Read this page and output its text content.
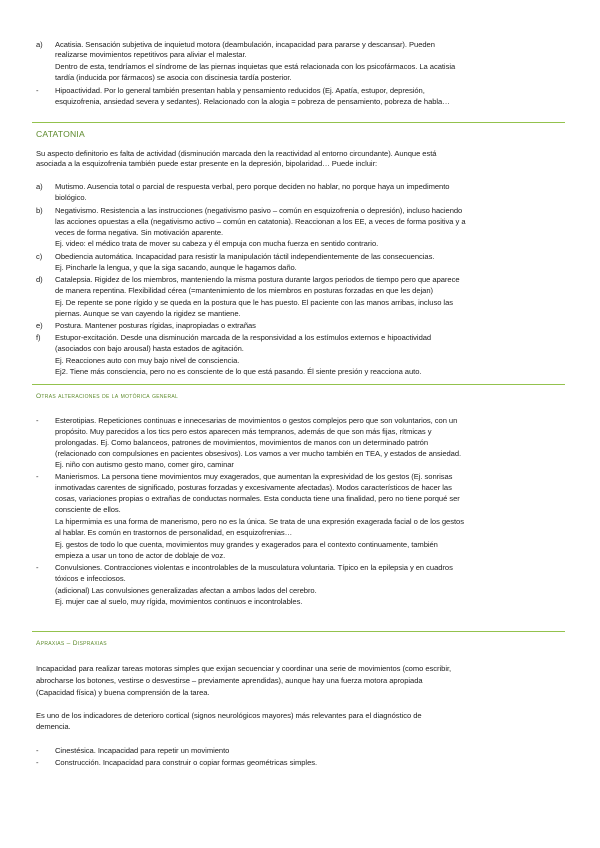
CATATONIA
Otras alteraciones de la motórica general
Apraxias – Dispraxias
a) Acatisia. Sensación subjetiva de inquietud motora (deambulación, incapacidad para pararse y descansar). Pueden
realizarse movimientos repetitivos para aliviar el malestar.
Dentro de esta, tendríamos el síndrome de las piernas inquietas que está relacionada con los psicofármacos. La acatisia
tardía (inducida por fármacos) se asocia con discinesia tardía posterior.
- Hipoactividad. Por lo general también presentan habla y pensamiento reducidos (Ej. Apatía, estupor, depresión,
esquizofrenia, ansiedad severa y sedantes). Relacionado con la alogia = pobreza de pensamiento, pobreza de habla…
Su aspecto definitorio es falta de actividad (disminución marcada den la reactividad al entorno circundante). Aunque está
asociada a la esquizofrenia también puede estar presente en la depresión, bipolaridad… Puede incluir:
a) Mutismo. Ausencia total o parcial de respuesta verbal, pero porque deciden no hablar, no porque haya un impedimento
biológico.
b) Negativismo. Resistencia a las instrucciones (negativismo pasivo – común en esquizofrenia o depresión), incluso haciendo
las acciones opuestas a ella (negativismo activo – común en catatonia). Reaccionan a los EE, a veces de forma positiva y a
veces de forma negativa. Sin motivación aparente.
Ej. video: el médico trata de mover su cabeza y él empuja con mucha fuerza en sentido contrario.
c) Obediencia automática. Incapacidad para resistir la manipulación táctil independientemente de las consecuencias.
Ej. Pincharle la lengua, y que la siga sacando, aunque le hagamos daño.
d) Catalepsia. Rigidez de los miembros, manteniendo la misma postura durante largos periodos de tiempo pero que aparece
de manera repentina. Flexibilidad cérea (=mantenimiento de los miembros en posturas forzadas en que les dejan)
Ej. De repente se pone rígido y se queda en la postura que le has puesto. El paciente con las manos arribas, incluso las
piernas. Aunque se van cayendo la rigidez se mantiene.
e) Postura. Mantener posturas rígidas, inapropiadas o extrañas
f) Estupor-excitación. Desde una disminución marcada de la responsividad a los estímulos externos e hipoactividad
(asociados con bajo arousal) hasta estados de agitación.
Ej. Reacciones auto con muy bajo nivel de consciencia.
Ej2. Tiene más consciencia, pero no es consciente de lo que está pasando. Él siente presión y reacciona auto.
- Esterotipias. Repeticiones continuas e innecesarias de movimientos o gestos complejos pero que son voluntarios, con un
propósito. Muy parecidos a los tics pero estos aparecen más tempranos, además de que son más fijas, rítmicas y
prolongadas. Ej. Como balanceos, patrones de movimientos, movimientos de manos con un determinado patrón
(relacionado con compulsiones en pacientes obsesivos). Los vamos a ver mucho también en TEA, y estados de ansiedad.
Ej. niño con autismo gesto mano, comer giro, caminar
- Manierismos. La persona tiene movimientos muy exagerados, que aumentan la expresividad de los gestos (Ej. sonrisas
inmotivadas carentes de significado, posturas forzadas y excesivamente afectadas). Modos característicos de hacer las
cosas, variaciones propias o extrañas de conductas normales. Esta conducta tiene una finalidad, pero no tiene porqué ser
consciente de ellos.
La hipermimia es una forma de manerismo, pero no es la única. Se trata de una expresión exagerada facial o de los gestos
al hablar. Es común en trastornos de personalidad, en esquizofrenias…
Ej. gestos de todo lo que cuenta, movimientos muy grandes y exagerados para el contexto continuamente, también
empieza a usar un tono de actor de doblaje de voz.
- Convulsiones. Contracciones violentas e incontrolables de la musculatura voluntaria. Típico en la epilepsia y en cuadros
tóxicos e infecciosos.
(adicional) Las convulsiones generalizadas afectan a ambos lados del cerebro.
Ej. mujer cae al suelo, muy rígida, movimientos continuos e incontrolables.
Incapacidad para realizar tareas motoras simples que exijan secuenciar y coordinar una serie de movimientos (como escribir,
abrocharse los botones, vestirse o desvestirse – previamente aprendidas), aunque hay una fuerza motora apropiada
(Capacidad física) y buena comprensión de la tarea.
Es uno de los indicadores de deterioro cortical (signos neurológicos mayores) más relevantes para el diagnóstico de
demencia.
- Cinestésica. Incapacidad para repetir un movimiento
- Construcción. Incapacidad para construir o copiar formas geométricas simples.
